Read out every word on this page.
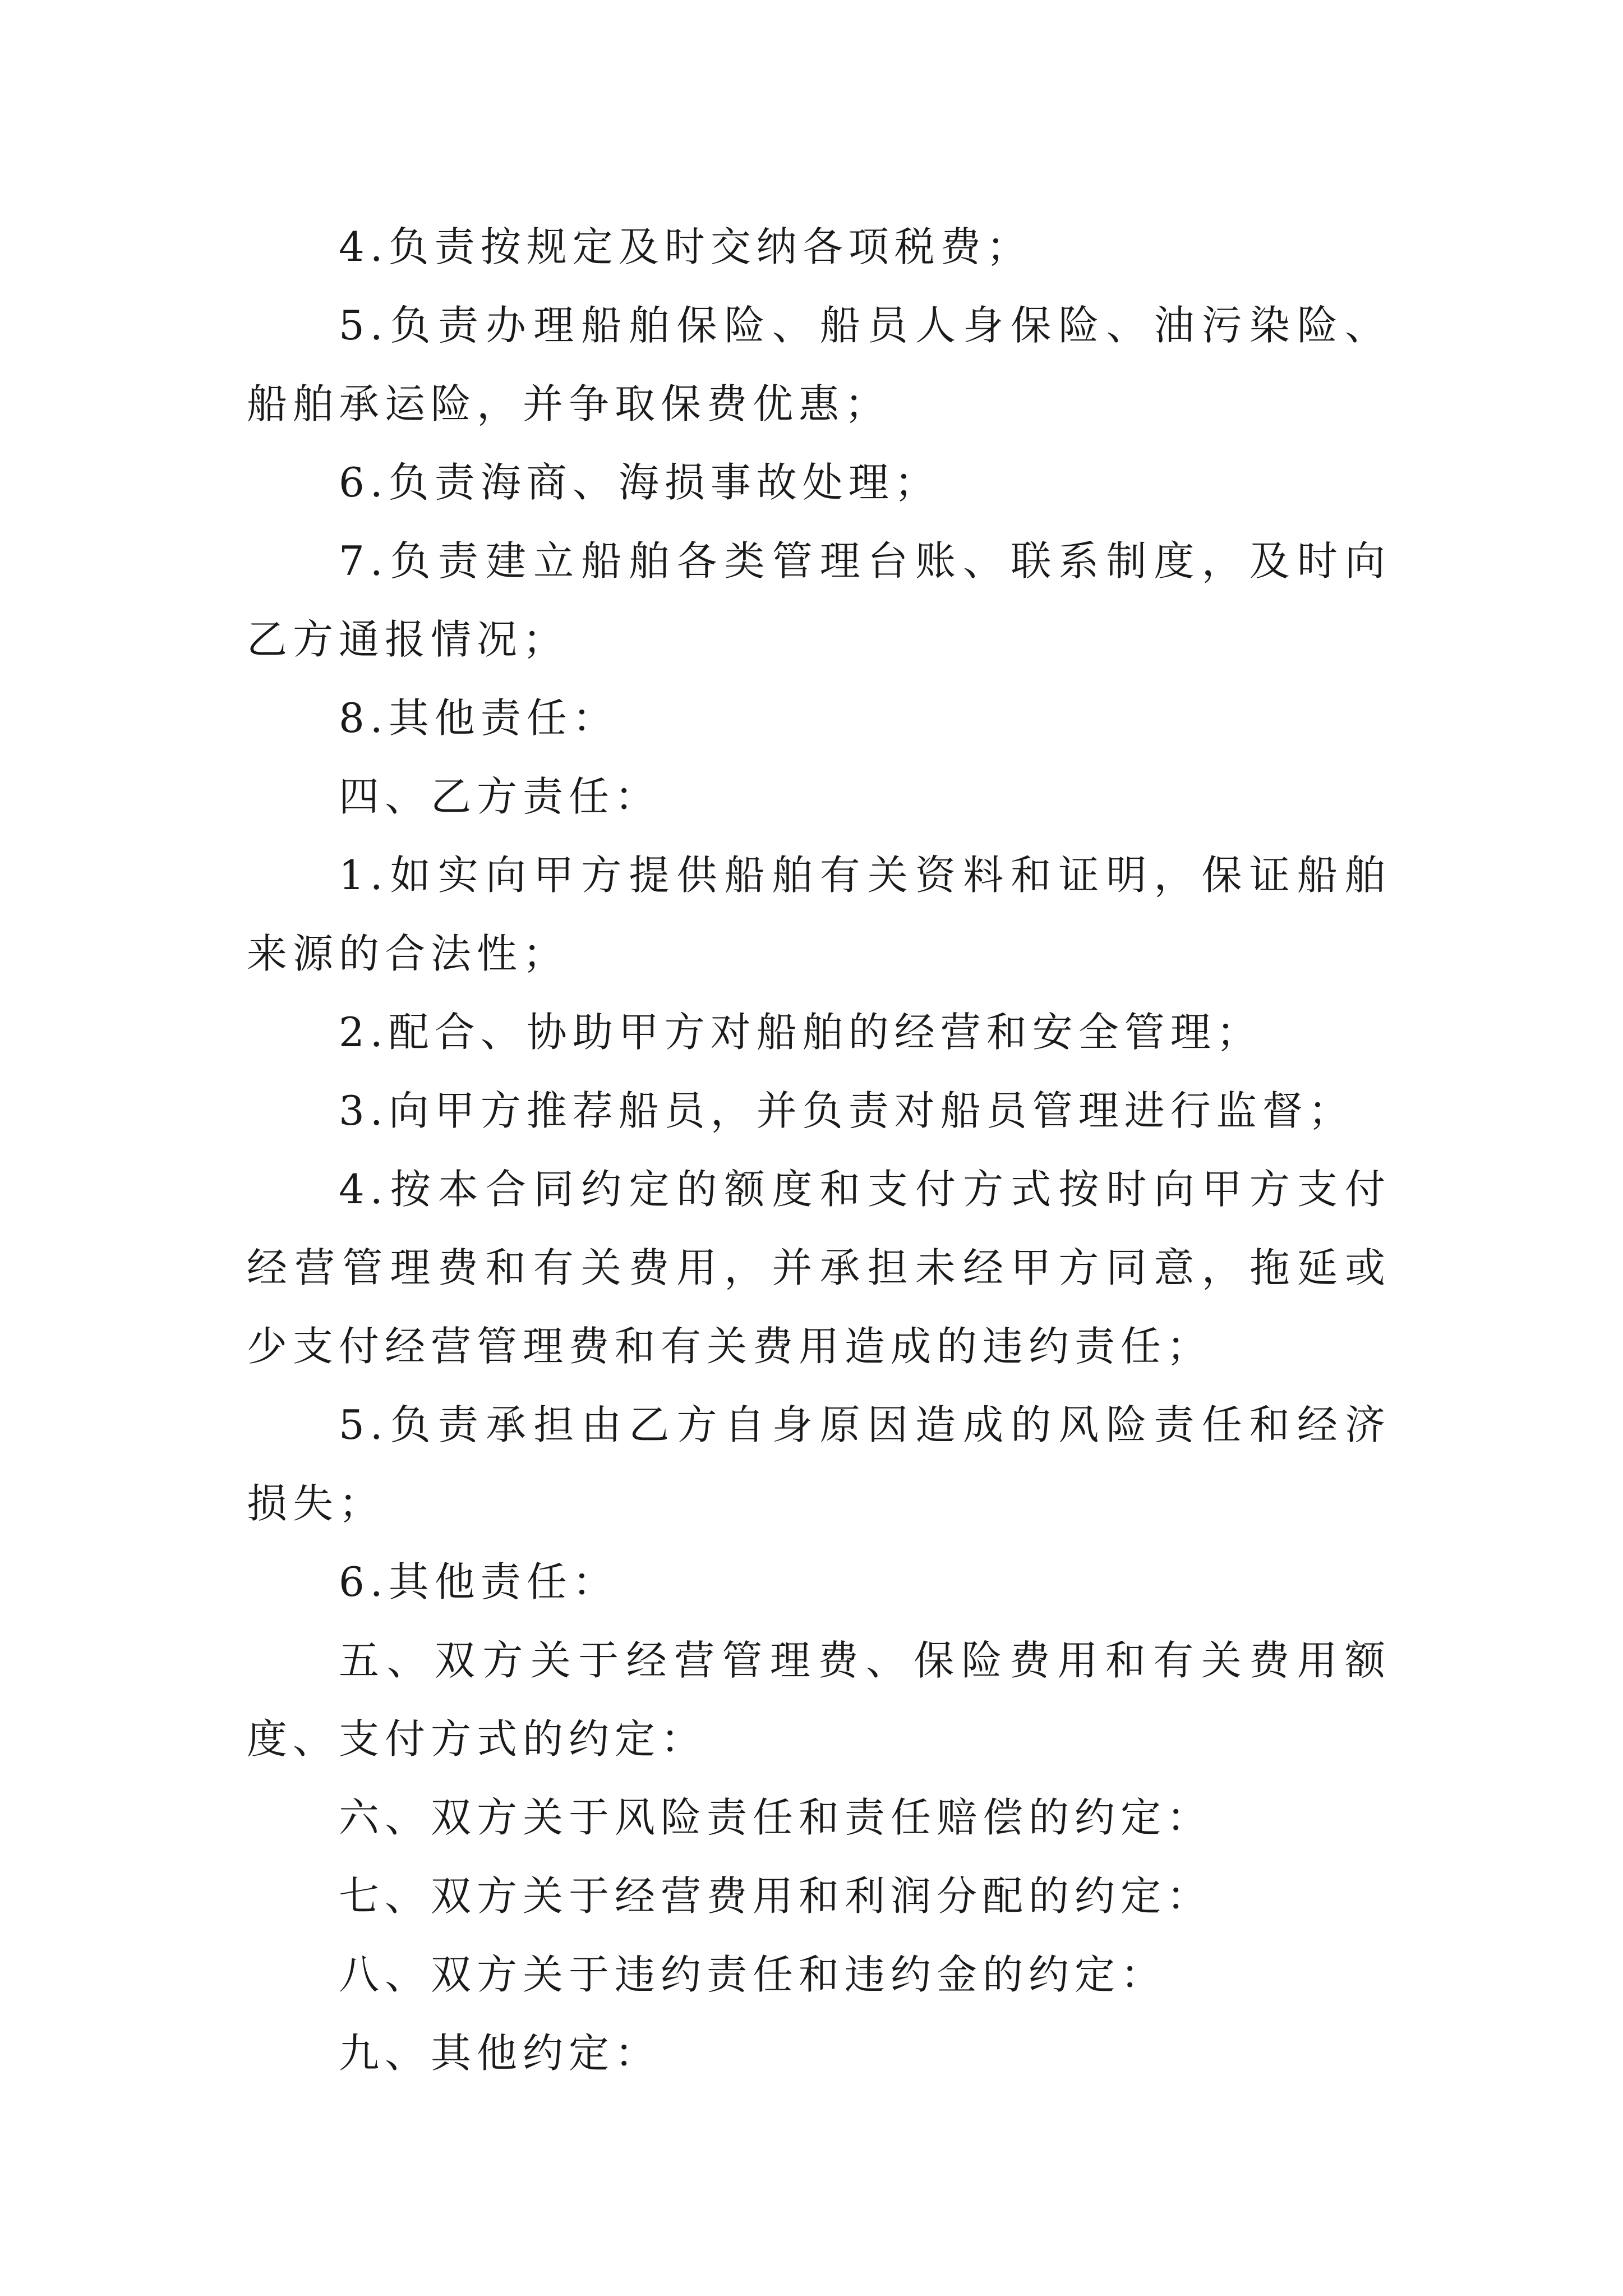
4.负责按规定及时交纳各项税费；

5.负责办理船舶保险、船员人身保险、油污染险、船舶承运险，并争取保费优惠；

6.负责海商、海损事故处理；

7.负责建立船舶各类管理台账、联系制度，及时向乙方通报情况；

8.其他责任：

四、乙方责任：

1.如实向甲方提供船舶有关资料和证明，保证船舶来源的合法性；

2.配合、协助甲方对船舶的经营和安全管理；

3.向甲方推荐船员，并负责对船员管理进行监督；

4.按本合同约定的额度和支付方式按时向甲方支付经营管理费和有关费用，并承担未经甲方同意，拖延或少支付经营管理费和有关费用造成的违约责任；

5.负责承担由乙方自身原因造成的风险责任和经济损失；

6.其他责任：

五、双方关于经营管理费、保险费用和有关费用额度、支付方式的约定：

六、双方关于风险责任和责任赔偿的约定：

七、双方关于经营费用和利润分配的约定：

八、双方关于违约责任和违约金的约定：

九、其他约定：
